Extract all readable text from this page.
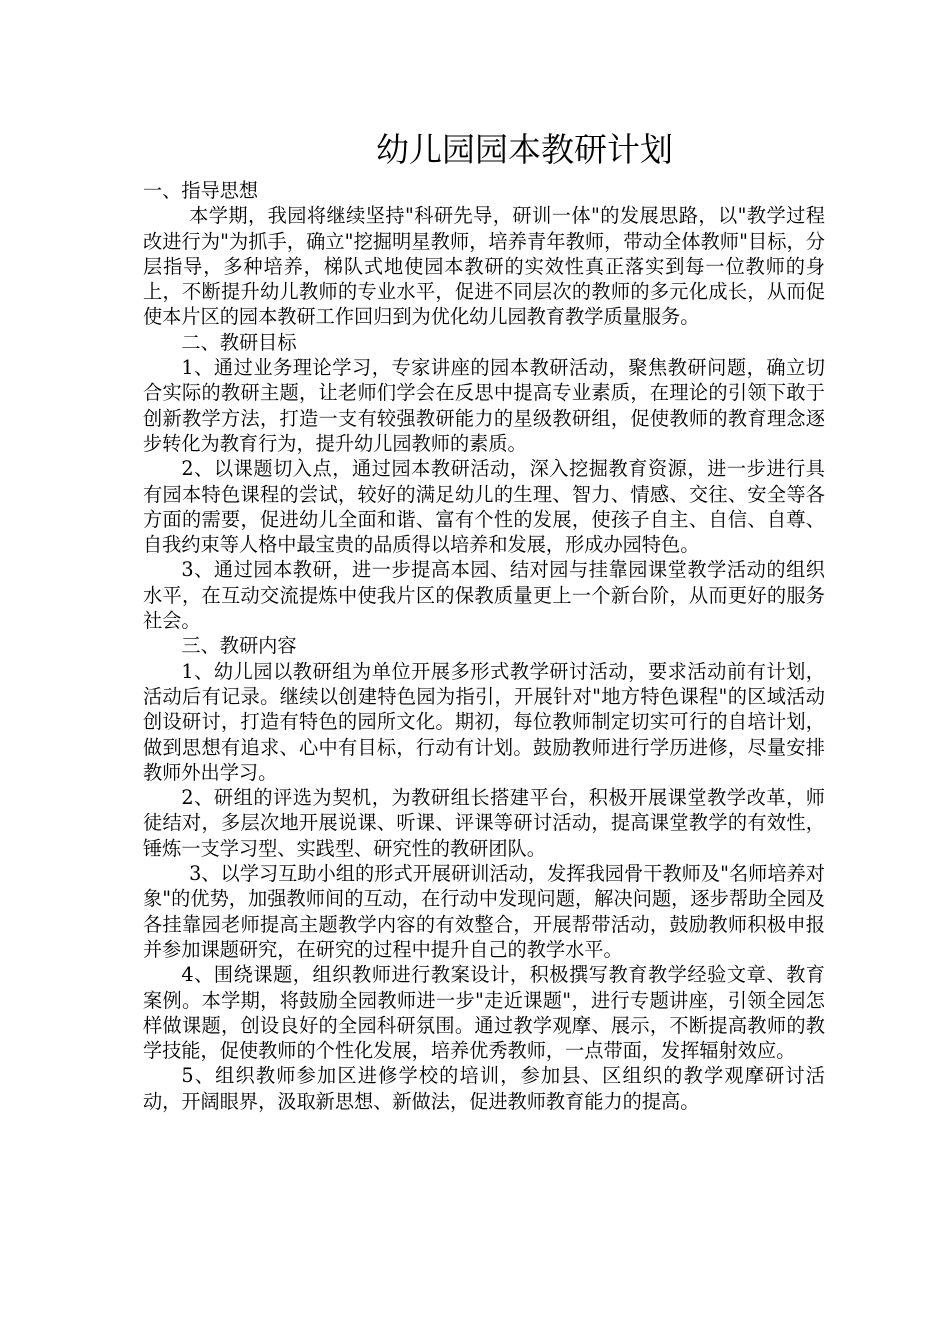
幼儿园园本教研计划

一、指导思想

本学期，我园将继续坚持"科研先导，研训一体"的发展思路，以"教学过程改进行为"为抓手，确立"挖掘明星教师，培养青年教师，带动全体教师"目标，分层指导，多种培养，梯队式地使园本教研的实效性真正落实到每一位教师的身上，不断提升幼儿教师的专业水平，促进不同层次的教师的多元化成长，从而促使本片区的园本教研工作回归到为优化幼儿园教育教学质量服务。

二、教研目标

1、通过业务理论学习，专家讲座的园本教研活动，聚焦教研问题，确立切合实际的教研主题，让老师们学会在反思中提高专业素质，在理论的引领下敢于创新教学方法，打造一支有较强教研能力的星级教研组，促使教师的教育理念逐步转化为教育行为，提升幼儿园教师的素质。

2、以课题切入点，通过园本教研活动，深入挖掘教育资源，进一步进行具有园本特色课程的尝试，较好的满足幼儿的生理、智力、情感、交往、安全等各方面的需要，促进幼儿全面和谐、富有个性的发展，使孩子自主、自信、自尊、自我约束等人格中最宝贵的品质得以培养和发展，形成办园特色。

3、通过园本教研，进一步提高本园、结对园与挂靠园课堂教学活动的组织水平，在互动交流提炼中使我片区的保教质量更上一个新台阶，从而更好的服务社会。

三、教研内容

1、幼儿园以教研组为单位开展多形式教学研讨活动，要求活动前有计划，活动后有记录。继续以创建特色园为指引，开展针对"地方特色课程"的区域活动创设研讨，打造有特色的园所文化。期初，每位教师制定切实可行的自培计划，做到思想有追求、心中有目标，行动有计划。鼓励教师进行学历进修，尽量安排教师外出学习。

2、研组的评选为契机，为教研组长搭建平台，积极开展课堂教学改革，师徒结对，多层次地开展说课、听课、评课等研讨活动，提高课堂教学的有效性，锤炼一支学习型、实践型、研究性的教研团队。

3、以学习互助小组的形式开展研训活动，发挥我园骨干教师及"名师培养对象"的优势，加强教师间的互动，在行动中发现问题，解决问题，逐步帮助全园及各挂靠园老师提高主题教学内容的有效整合，开展帮带活动，鼓励教师积极申报并参加课题研究，在研究的过程中提升自己的教学水平。

4、围绕课题，组织教师进行教案设计，积极撰写教育教学经验文章、教育案例。本学期，将鼓励全园教师进一步"走近课题"，进行专题讲座，引领全园怎样做课题，创设良好的全园科研氛围。通过教学观摩、展示，不断提高教师的教学技能，促使教师的个性化发展，培养优秀教师，一点带面，发挥辐射效应。

5、组织教师参加区进修学校的培训，参加县、区组织的教学观摩研讨活动，开阔眼界，汲取新思想、新做法，促进教师教育能力的提高。
